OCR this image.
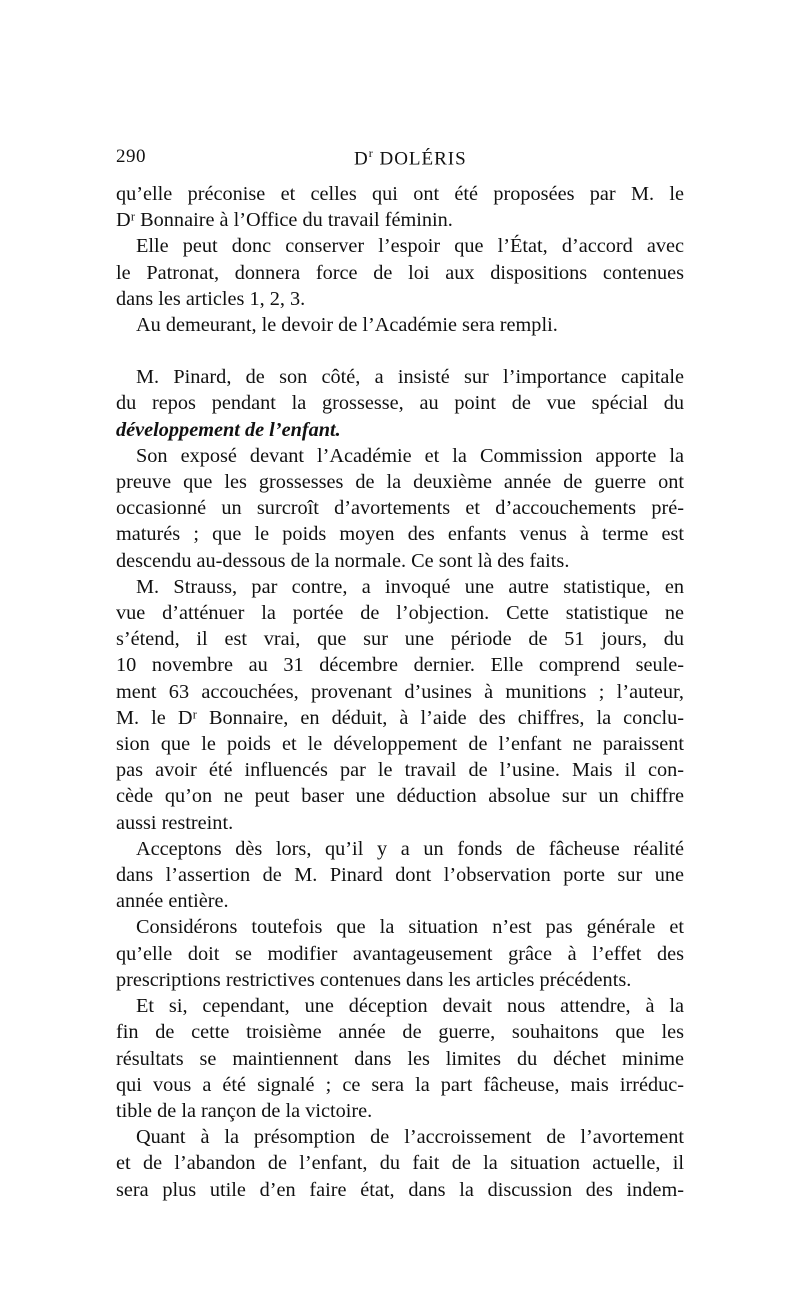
290	$D^r$ DOLÉRIS

qu’elle préconise et celles qui ont été proposées par M. le
Dʳ Bonnaire à l’Office du travail féminin.

Elle peut donc conserver l’espoir que l’État, d’accord avec
le Patronat, donnera force de loi aux dispositions contenues
dans les articles 1, 2, 3.

Au demeurant, le devoir de l’Académie sera rempli.

M. Pinard, de son côté, a insisté sur l’importance capitale
du repos pendant la grossesse, au point de vue spécial du
développement de l’enfant.

Son exposé devant l’Académie et la Commission apporte la
preuve que les grossesses de la deuxième année de guerre ont
occasionné un surcroît d’avortements et d’accouchements pré-
maturés ; que le poids moyen des enfants venus à terme est
descendu au-dessous de la normale. Ce sont là des faits.

M. Strauss, par contre, a invoqué une autre statistique, en
vue d’atténuer la portée de l’objection. Cette statistique ne
s’étend, il est vrai, que sur une période de 51 jours, du
10 novembre au 31 décembre dernier. Elle comprend seule-
ment 63 accouchées, provenant d’usines à munitions ; l’auteur,
M. le Dʳ Bonnaire, en déduit, à l’aide des chiffres, la conclu-
sion que le poids et le développement de l’enfant ne paraissent
pas avoir été influencés par le travail de l’usine. Mais il con-
cède qu’on ne peut baser une déduction absolue sur un chiffre
aussi restreint.

Acceptons dès lors, qu’il y a un fonds de fâcheuse réalité
dans l’assertion de M. Pinard dont l’observation porte sur une
année entière.

Considérons toutefois que la situation n’est pas générale et
qu’elle doit se modifier avantageusement grâce à l’effet des
prescriptions restrictives contenues dans les articles précédents.

Et si, cependant, une déception devait nous attendre, à la
fin de cette troisième année de guerre, souhaitons que les
résultats se maintiennent dans les limites du déchet minime
qui vous a été signalé ; ce sera la part fâcheuse, mais irréduc-
tible de la rançon de la victoire.

Quant à la présomption de l’accroissement de l’avortement
et de l’abandon de l’enfant, du fait de la situation actuelle, il
sera plus utile d’en faire état, dans la discussion des indem-
